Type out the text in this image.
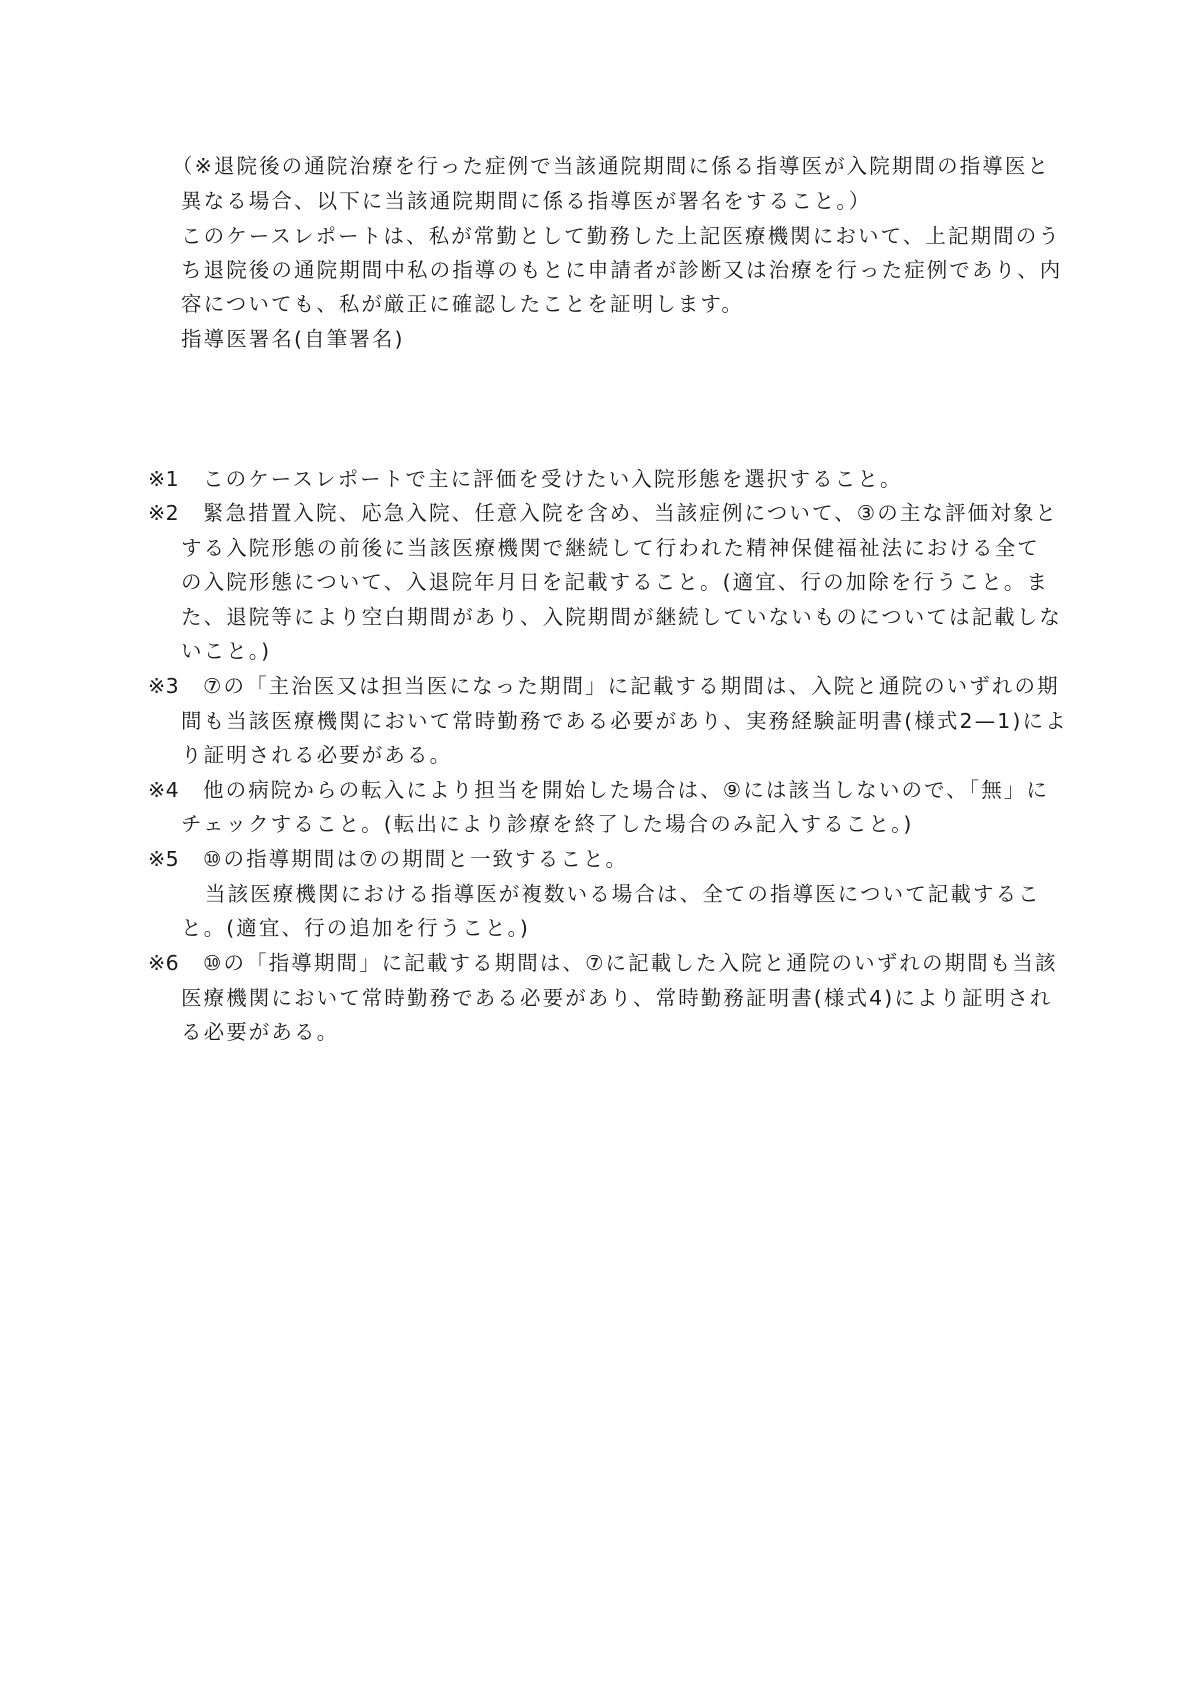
（※退院後の通院治療を行った症例で当該通院期間に係る指導医が入院期間の指導医と
異なる場合、以下に当該通院期間に係る指導医が署名をすること。）
このケースレポートは、私が常勤として勤務した上記医療機関において、上記期間のう
ち退院後の通院期間中私の指導のもとに申請者が診断又は治療を行った症例であり、内
容についても、私が厳正に確認したことを証明します。
指導医署名(自筆署名)
※1 このケースレポートで主に評価を受けたい入院形態を選択すること。
※2 緊急措置入院、応急入院、任意入院を含め、当該症例について、③の主な評価対象と
する入院形態の前後に当該医療機関で継続して行われた精神保健福祉法における全て
の入院形態について、入退院年月日を記載すること。(適宜、行の加除を行うこと。ま
た、退院等により空白期間があり、入院期間が継続していないものについては記載しな
いこと。)
※3 ⑦の「主治医又は担当医になった期間」に記載する期間は、入院と通院のいずれの期
間も当該医療機関において常時勤務である必要があり、実務経験証明書(様式2—1)によ
り証明される必要がある。
※4 他の病院からの転入により担当を開始した場合は、⑨には該当しないので、「無」に
チェックすること。(転出により診療を終了した場合のみ記入すること。)
※5 ⑩の指導期間は⑦の期間と一致すること。
当該医療機関における指導医が複数いる場合は、全ての指導医について記載するこ
と。(適宜、行の追加を行うこと。)
※6 ⑩の「指導期間」に記載する期間は、⑦に記載した入院と通院のいずれの期間も当該
医療機関において常時勤務である必要があり、常時勤務証明書(様式4)により証明され
る必要がある。
